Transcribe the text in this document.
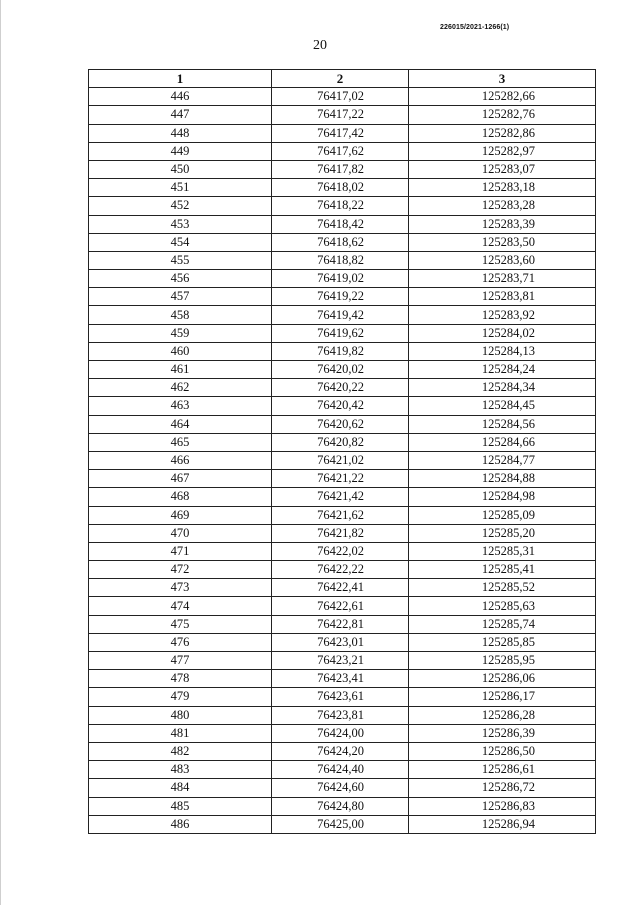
226015/2021-1266(1)
20
1	2	3
446	76417,02	125282,66
447	76417,22	125282,76
448	76417,42	125282,86
449	76417,62	125282,97
450	76417,82	125283,07
451	76418,02	125283,18
452	76418,22	125283,28
453	76418,42	125283,39
454	76418,62	125283,50
455	76418,82	125283,60
456	76419,02	125283,71
457	76419,22	125283,81
458	76419,42	125283,92
459	76419,62	125284,02
460	76419,82	125284,13
461	76420,02	125284,24
462	76420,22	125284,34
463	76420,42	125284,45
464	76420,62	125284,56
465	76420,82	125284,66
466	76421,02	125284,77
467	76421,22	125284,88
468	76421,42	125284,98
469	76421,62	125285,09
470	76421,82	125285,20
471	76422,02	125285,31
472	76422,22	125285,41
473	76422,41	125285,52
474	76422,61	125285,63
475	76422,81	125285,74
476	76423,01	125285,85
477	76423,21	125285,95
478	76423,41	125286,06
479	76423,61	125286,17
480	76423,81	125286,28
481	76424,00	125286,39
482	76424,20	125286,50
483	76424,40	125286,61
484	76424,60	125286,72
485	76424,80	125286,83
486	76425,00	125286,94
